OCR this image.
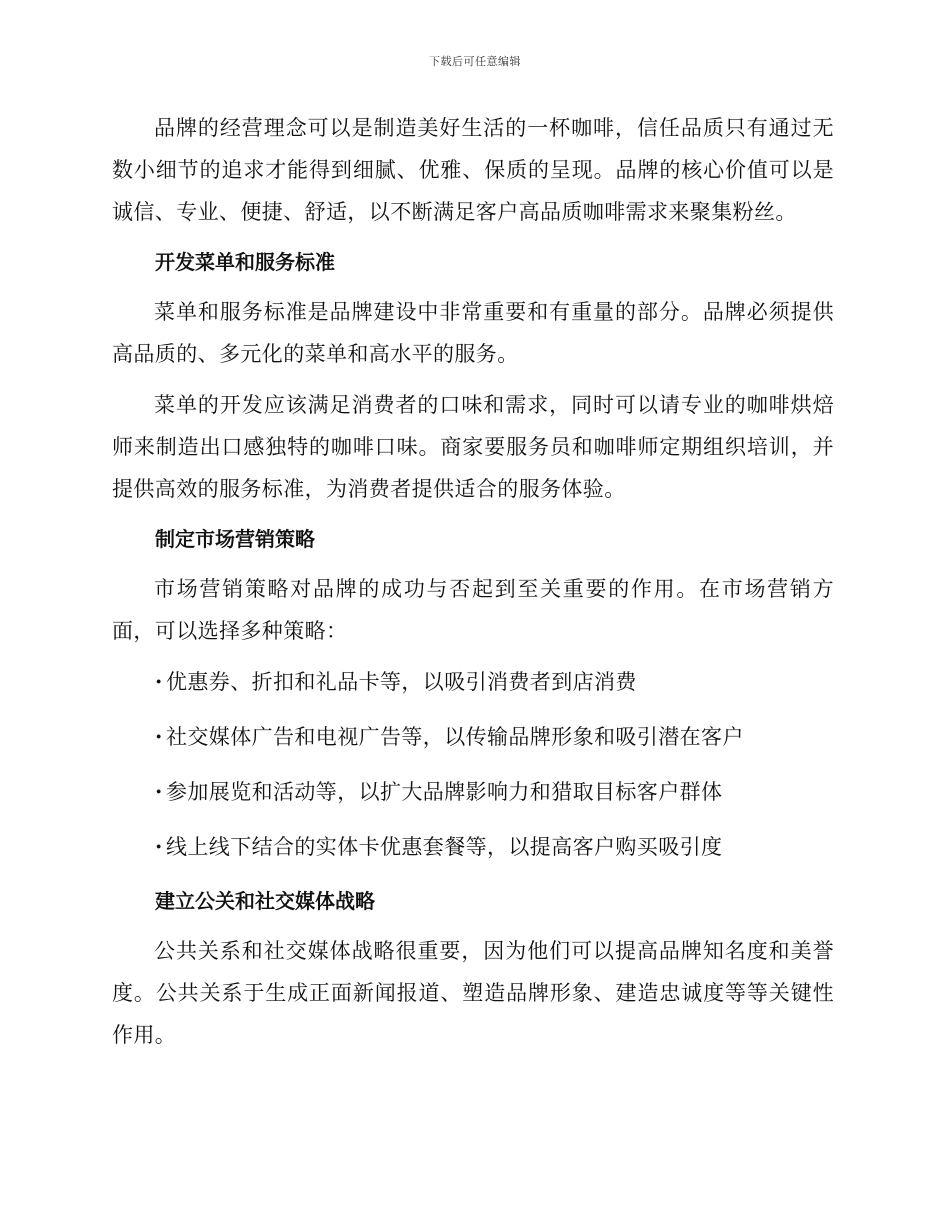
下载后可任意编辑

品牌的经营理念可以是制造美好生活的一杯咖啡，信任品质只有通过无数小细节的追求才能得到细腻、优雅、保质的呈现。品牌的核心价值可以是诚信、专业、便捷、舒适，以不断满足客户高品质咖啡需求来聚集粉丝。

开发菜单和服务标准

菜单和服务标准是品牌建设中非常重要和有重量的部分。品牌必须提供高品质的、多元化的菜单和高水平的服务。

菜单的开发应该满足消费者的口味和需求，同时可以请专业的咖啡烘焙师来制造出口感独特的咖啡口味。商家要服务员和咖啡师定期组织培训，并提供高效的服务标准，为消费者提供适合的服务体验。

制定市场营销策略

市场营销策略对品牌的成功与否起到至关重要的作用。在市场营销方面，可以选择多种策略：

· 优惠券、折扣和礼品卡等，以吸引消费者到店消费
· 社交媒体广告和电视广告等，以传输品牌形象和吸引潜在客户
· 参加展览和活动等，以扩大品牌影响力和猎取目标客户群体
· 线上线下结合的实体卡优惠套餐等，以提高客户购买吸引度
建立公关和社交媒体战略

公共关系和社交媒体战略很重要，因为他们可以提高品牌知名度和美誉度。公共关系于生成正面新闻报道、塑造品牌形象、建造忠诚度等等关键性作用。
